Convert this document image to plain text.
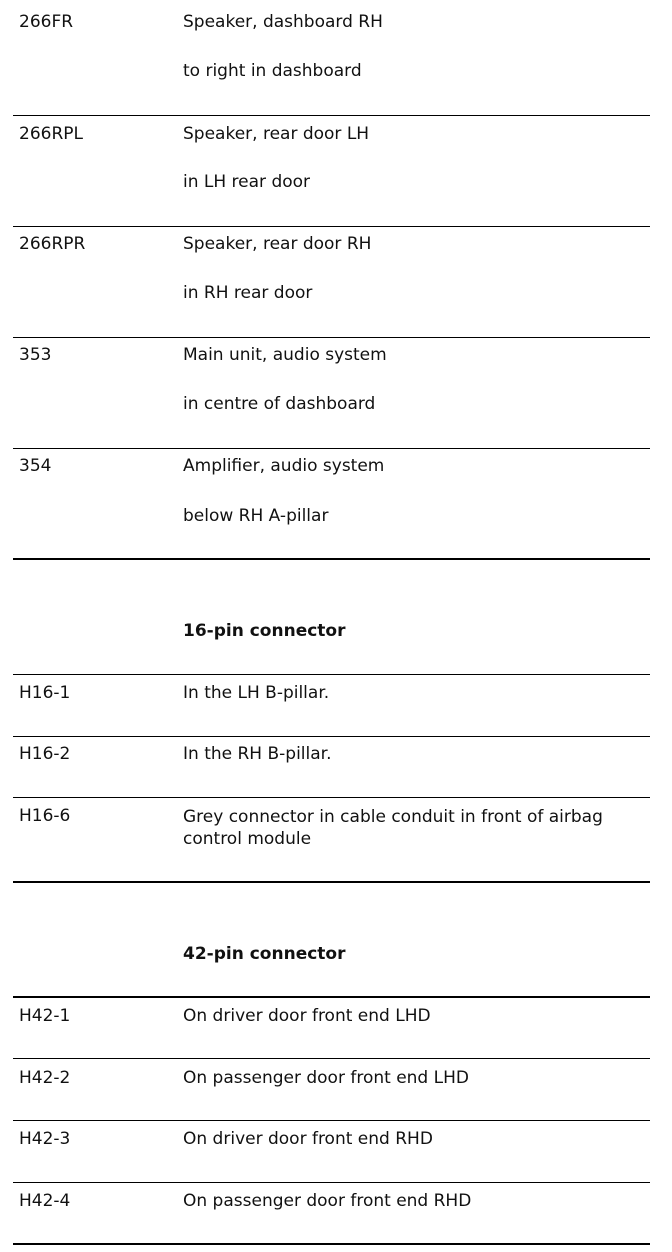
266FR	Speaker, dashboard RH
to right in dashboard
266RPL	Speaker, rear door LH
in LH rear door
266RPR	Speaker, rear door RH
in RH rear door
353	Main unit, audio system
in centre of dashboard
354	Amplifier, audio system
below RH A-pillar
16-pin connector
H16-1	In the LH B-pillar.
H16-2	In the RH B-pillar.
H16-6	Grey connector in cable conduit in front of airbag control module
42-pin connector
H42-1	On driver door front end LHD
H42-2	On passenger door front end LHD
H42-3	On driver door front end RHD
H42-4	On passenger door front end RHD
